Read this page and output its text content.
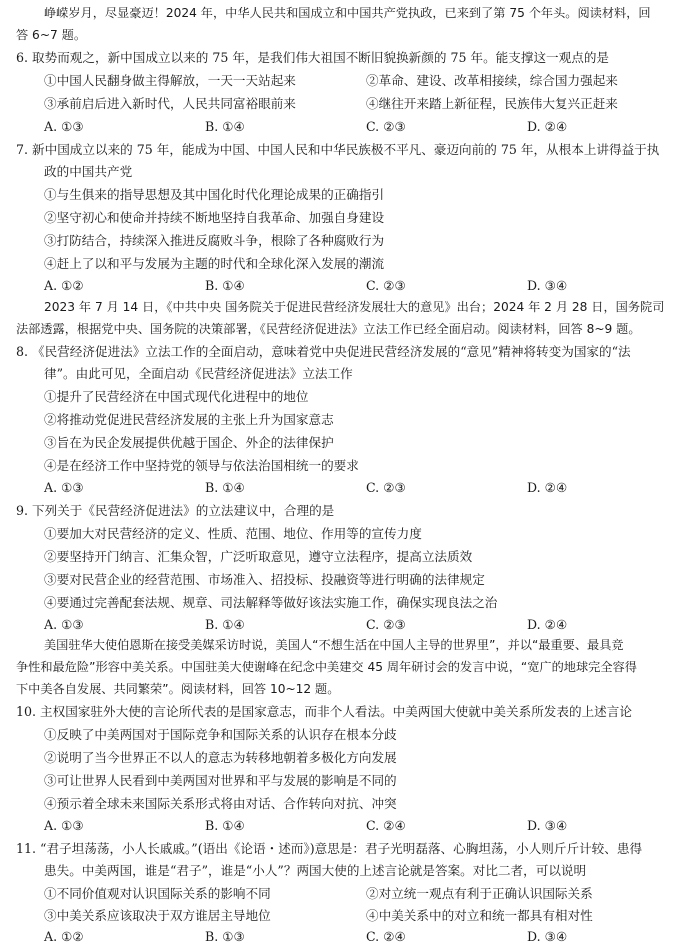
峥嵘岁月，尽显豪迈！2024 年，中华人民共和国成立和中国共产党执政，已来到了第 75 个年头。阅读材料，回
答 6~7 题。
6. 取势而观之，新中国成立以来的 75 年，是我们伟大祖国不断旧貌换新颜的 75 年。能支撑这一观点的是
①中国人民翻身做主得解放，一天一天站起来	②革命、建设、改革相接续，综合国力强起来
③承前启后进入新时代，人民共同富裕眼前来	④继往开来踏上新征程，民族伟大复兴正赶来
A. ①③	B. ①④	C. ②③	D. ②④
7. 新中国成立以来的 75 年，能成为中国、中国人民和中华民族极不平凡、豪迈向前的 75 年，从根本上讲得益于执
政的中国共产党
①与生俱来的指导思想及其中国化时代化理论成果的正确指引
②坚守初心和使命并持续不断地坚持自我革命、加强自身建设
③打防结合，持续深入推进反腐败斗争，根除了各种腐败行为
④赶上了以和平与发展为主题的时代和全球化深入发展的潮流
A. ①②	B. ①④	C. ②③	D. ③④
2023 年 7 月 14 日，《中共中央 国务院关于促进民营经济发展壮大的意见》出台；2024 年 2 月 28 日，国务院司
法部透露，根据党中央、国务院的决策部署，《民营经济促进法》立法工作已经全面启动。阅读材料，回答 8~9 题。
8. 《民营经济促进法》立法工作的全面启动，意味着党中央促进民营经济发展的“意见”精神将转变为国家的“法
律”。由此可见，全面启动《民营经济促进法》立法工作
①提升了民营经济在中国式现代化进程中的地位
②将推动党促进民营经济发展的主张上升为国家意志
③旨在为民企发展提供优越于国企、外企的法律保护
④是在经济工作中坚持党的领导与依法治国相统一的要求
A. ①③	B. ①④	C. ②③	D. ②④
9. 下列关于《民营经济促进法》的立法建议中，合理的是
①要加大对民营经济的定义、性质、范围、地位、作用等的宣传力度
②要坚持开门纳言、汇集众智，广泛听取意见，遵守立法程序，提高立法质效
③要对民营企业的经营范围、市场准入、招投标、投融资等进行明确的法律规定
④要通过完善配套法规、规章、司法解释等做好该法实施工作，确保实现良法之治
A. ①③	B. ①④	C. ②③	D. ②④
美国驻华大使伯恩斯在接受美媒采访时说，美国人“不想生活在中国人主导的世界里”，并以“最重要、最具竞
争性和最危险”形容中美关系。中国驻美大使谢峰在纪念中美建交 45 周年研讨会的发言中说，“宽广的地球完全容得
下中美各自发展、共同繁荣”。阅读材料，回答 10~12 题。
10. 主权国家驻外大使的言论所代表的是国家意志，而非个人看法。中美两国大使就中美关系所发表的上述言论
①反映了中美两国对于国际竞争和国际关系的认识存在根本分歧
②说明了当今世界正不以人的意志为转移地朝着多极化方向发展
③可让世界人民看到中美两国对世界和平与发展的影响是不同的
④预示着全球未来国际关系形式将由对话、合作转向对抗、冲突
A. ①③	B. ①④	C. ②④	D. ③④
11. “君子坦荡荡，小人长戚戚。”(语出《论语・述而》)意思是：君子光明磊落、心胸坦荡，小人则斤斤计较、患得
患失。中美两国，谁是“君子”，谁是“小人”？两国大使的上述言论就是答案。对比二者，可以说明
①不同价值观对认识国际关系的影响不同	②对立统一观点有利于正确认识国际关系
③中美关系应该取决于双方谁居主导地位	④中美关系中的对立和统一都具有相对性
A. ①②	B. ①③	C. ②④	D. ③④
